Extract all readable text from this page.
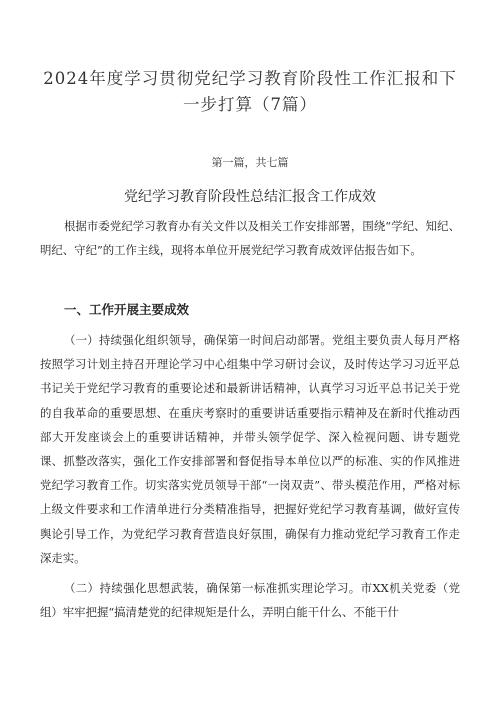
2024年度学习贯彻党纪学习教育阶段性工作汇报和下一步打算（7篇）
第一篇，共七篇
党纪学习教育阶段性总结汇报含工作成效

根据市委党纪学习教育办有关文件以及相关工作安排部署，围绕“学纪、知纪、明纪、守纪”的工作主线，现将本单位开展党纪学习教育成效评估报告如下。

一、工作开展主要成效

（一）持续强化组织领导，确保第一时间启动部署。党组主要负责人每月严格按照学习计划主持召开理论学习中心组集中学习研讨会议，及时传达学习习近平总书记关于党纪学习教育的重要论述和最新讲话精神，认真学习习近平总书记关于党的自我革命的重要思想、在重庆考察时的重要讲话重要指示精神及在新时代推动西部大开发座谈会上的重要讲话精神，并带头领学促学、深入检视问题、讲专题党课、抓整改落实，强化工作安排部署和督促指导本单位以严的标准、实的作风推进党纪学习教育工作。切实落实党员领导干部“一岗双责”、带头模范作用，严格对标上级文件要求和工作清单进行分类精准指导，把握好党纪学习教育基调，做好宣传舆论引导工作，为党纪学习教育营造良好氛围，确保有力推动党纪学习教育工作走深走实。

（二）持续强化思想武装，确保第一标准抓实理论学习。市XX机关党委（党组）牢牢把握“搞清楚党的纪律规矩是什么，弄明白能干什么、不能干什
